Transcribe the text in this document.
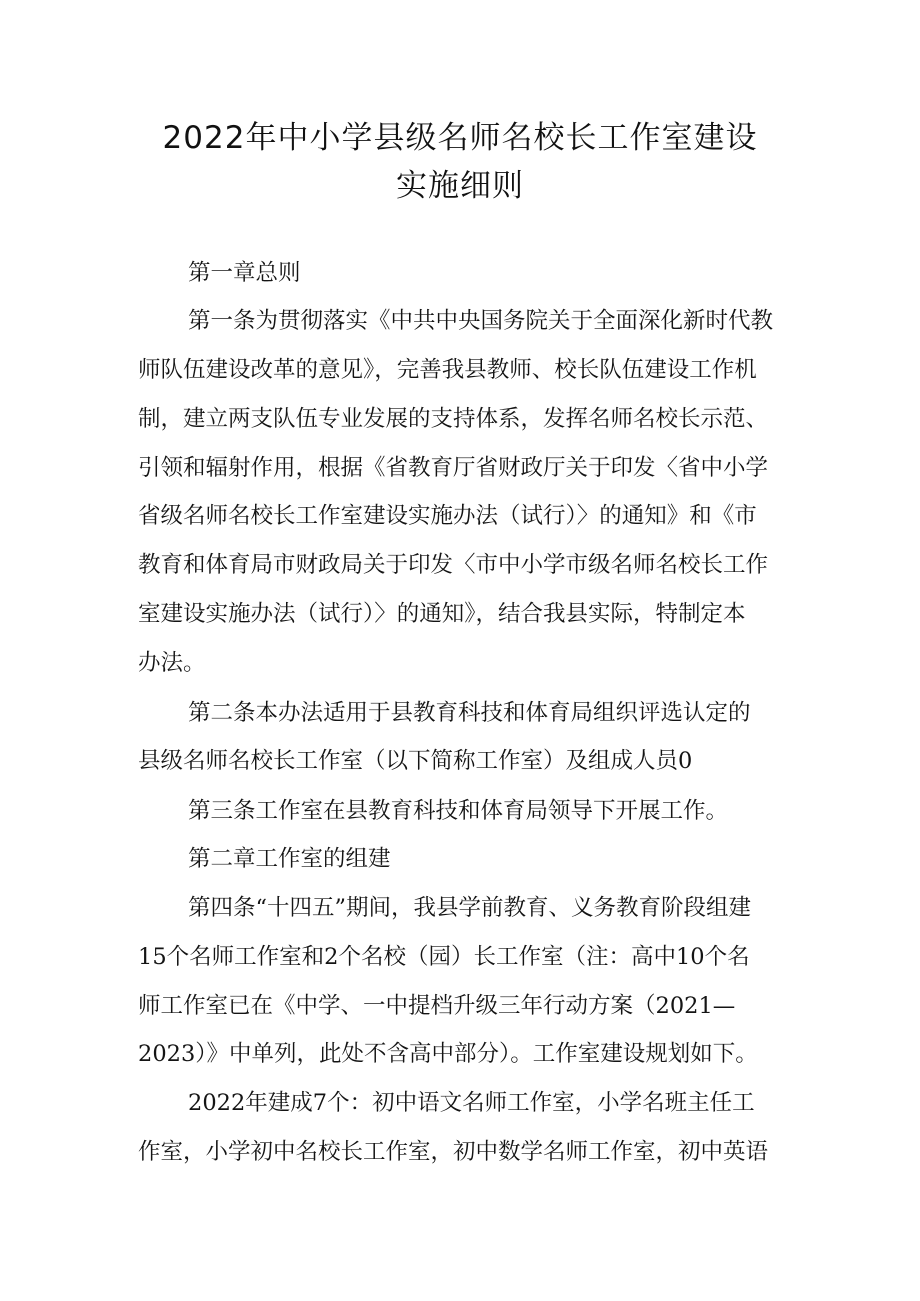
2022年中小学县级名师名校长工作室建设
实施细则
第一章总则
第一条为贯彻落实《中共中央国务院关于全面深化新时代教
师队伍建设改革的意见》，完善我县教师、校长队伍建设工作机
制，建立两支队伍专业发展的支持体系，发挥名师名校长示范、
引领和辐射作用，根据《省教育厅省财政厅关于印发〈省中小学
省级名师名校长工作室建设实施办法（试行）〉的通知》和《市
教育和体育局市财政局关于印发〈市中小学市级名师名校长工作
室建设实施办法（试行）〉的通知》，结合我县实际，特制定本
办法。
第二条本办法适用于县教育科技和体育局组织评选认定的
县级名师名校长工作室（以下简称工作室）及组成人员0
第三条工作室在县教育科技和体育局领导下开展工作。
第二章工作室的组建
第四条“十四五”期间，我县学前教育、义务教育阶段组建
15个名师工作室和2个名校（园）长工作室（注：高中10个名
师工作室已在《中学、一中提档升级三年行动方案（2021—
2023）》中单列，此处不含高中部分）。工作室建设规划如下。
2022年建成7个：初中语文名师工作室，小学名班主任工
作室，小学初中名校长工作室，初中数学名师工作室，初中英语
